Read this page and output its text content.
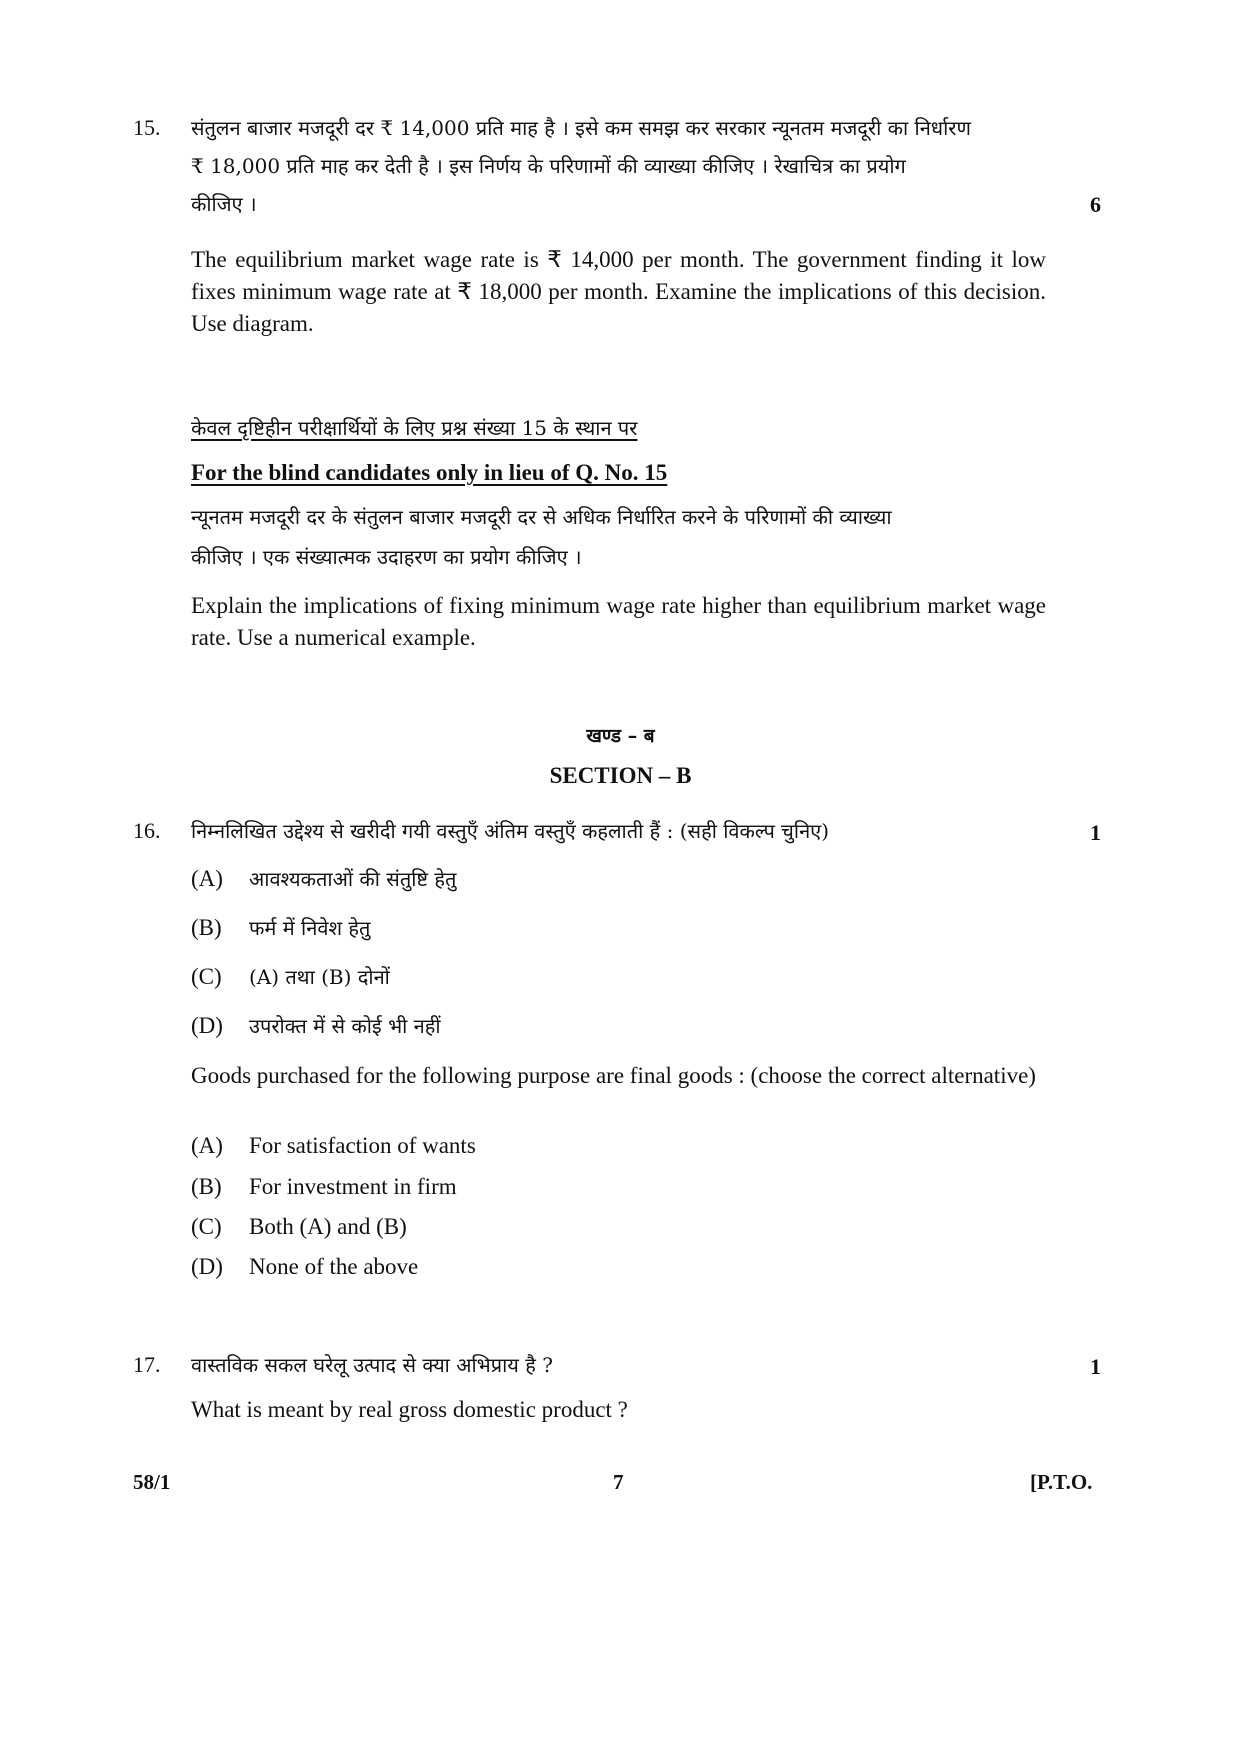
15. संतुलन बाजार मजदूरी दर ₹ 14,000 प्रति माह है । इसे कम समझ कर सरकार न्यूनतम मजदूरी का निर्धारण
₹ 18,000 प्रति माह कर देती है । इस निर्णय के परिणामों की व्याख्या कीजिए । रेखाचित्र का प्रयोग
कीजिए ।	6
The equilibrium market wage rate is ₹ 14,000 per month. The government finding it low fixes minimum wage rate at ₹ 18,000 per month. Examine the implications of this decision. Use diagram.
केवल दृष्टिहीन परीक्षार्थियों के लिए प्रश्न संख्या 15 के स्थान पर
For the blind candidates only in lieu of Q. No. 15
न्यूनतम मजदूरी दर के संतुलन बाजार मजदूरी दर से अधिक निर्धारित करने के परिणामों की व्याख्या
कीजिए । एक संख्यात्मक उदाहरण का प्रयोग कीजिए ।
Explain the implications of fixing minimum wage rate higher than equilibrium market wage rate. Use a numerical example.
खण्ड – ब
SECTION – B
16. निम्नलिखित उद्देश्य से खरीदी गयी वस्तुएँ अंतिम वस्तुएँ कहलाती हैं : (सही विकल्प चुनिए)	1
(A) आवश्यकताओं की संतुष्टि हेतु
(B) फर्म में निवेश हेतु
(C) (A) तथा (B) दोनों
(D) उपरोक्त में से कोई भी नहीं
Goods purchased for the following purpose are final goods : (choose the correct alternative)
(A) For satisfaction of wants
(B) For investment in firm
(C) Both (A) and (B)
(D) None of the above
17. वास्तविक सकल घरेलू उत्पाद से क्या अभिप्राय है ?	1
What is meant by real gross domestic product ?
58/1	7	[P.T.O.
